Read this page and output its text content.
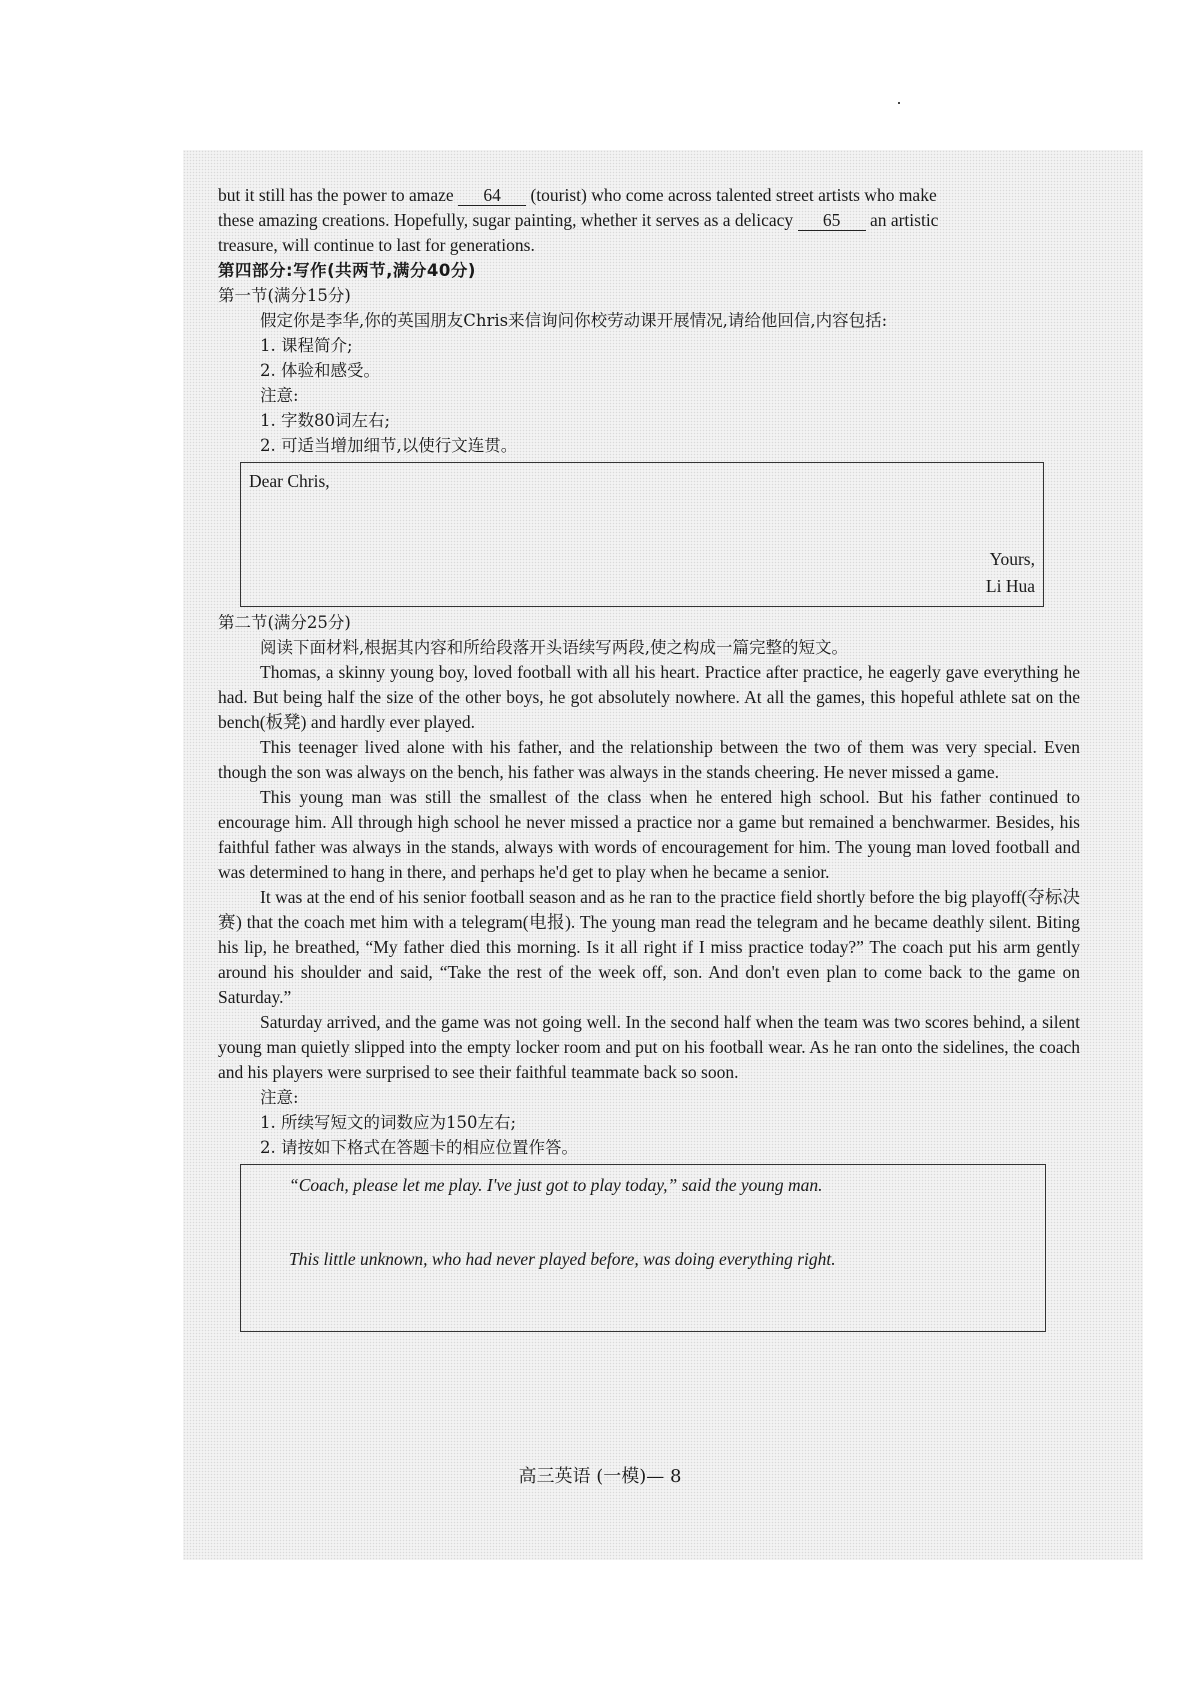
but it still has the power to amaze 64 (tourist) who come across talented street artists who make

these amazing creations. Hopefully, sugar painting, whether it serves as a delicacy 65 an artistic

treasure, will continue to last for generations.

第四部分:写作(共两节,满分40分)

第一节(满分15分)

假定你是李华,你的英国朋友Chris来信询问你校劳动课开展情况,请给他回信,内容包括:

1. 课程简介;

2. 体验和感受。

注意:

1. 字数80词左右;

2. 可适当增加细节,以使行文连贯。

Dear Chris,
Yours,
Li Hua

第二节(满分25分)

阅读下面材料,根据其内容和所给段落开头语续写两段,使之构成一篇完整的短文。

Thomas, a skinny young boy, loved football with all his heart. Practice after practice, he eagerly gave everything he had. But being half the size of the other boys, he got absolutely nowhere. At all the games, this hopeful athlete sat on the bench(板凳) and hardly ever played.

This teenager lived alone with his father, and the relationship between the two of them was very special. Even though the son was always on the bench, his father was always in the stands cheering. He never missed a game.

This young man was still the smallest of the class when he entered high school. But his father continued to encourage him. All through high school he never missed a practice nor a game but remained a benchwarmer. Besides, his faithful father was always in the stands, always with words of encouragement for him. The young man loved football and was determined to hang in there, and perhaps he'd get to play when he became a senior.

It was at the end of his senior football season and as he ran to the practice field shortly before the big playoff(夺标决赛) that the coach met him with a telegram(电报). The young man read the telegram and he became deathly silent. Biting his lip, he breathed, “My father died this morning. Is it all right if I miss practice today?” The coach put his arm gently around his shoulder and said, “Take the rest of the week off, son. And don't even plan to come back to the game on Saturday.”

Saturday arrived, and the game was not going well. In the second half when the team was two scores behind, a silent young man quietly slipped into the empty locker room and put on his football wear. As he ran onto the sidelines, the coach and his players were surprised to see their faithful teammate back so soon.

注意:

1. 所续写短文的词数应为150左右;

2. 请按如下格式在答题卡的相应位置作答。

“Coach, please let me play. I've just got to play today,” said the young man.
This little unknown, who had never played before, was doing everything right.
高三英语 (一模)— 8
